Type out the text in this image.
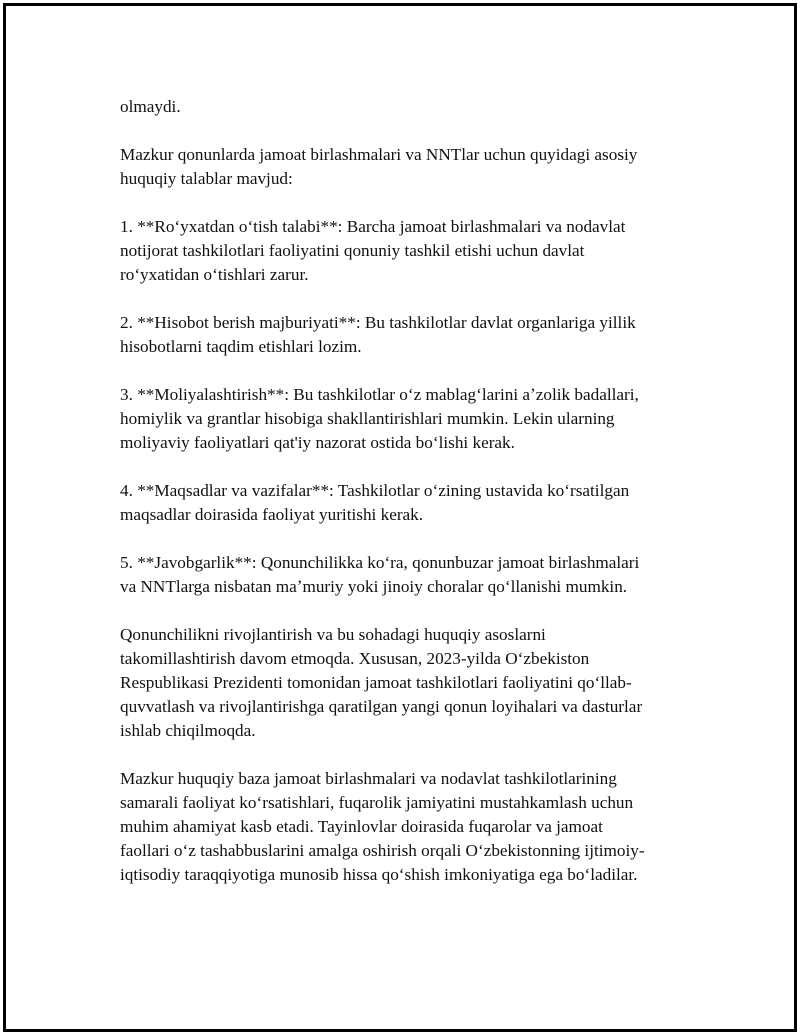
olmaydi.

Mazkur qonunlarda jamoat birlashmalari va NNTlar uchun quyidagi asosiy
huquqiy talablar mavjud:

1. **Roʻyxatdan oʻtish talabi**: Barcha jamoat birlashmalari va nodavlat
notijorat tashkilotlari faoliyatini qonuniy tashkil etishi uchun davlat
roʻyxatidan oʻtishlari zarur.

2. **Hisobot berish majburiyati**: Bu tashkilotlar davlat organlariga yillik
hisobotlarni taqdim etishlari lozim.

3. **Moliyalashtirish**: Bu tashkilotlar oʻz mablagʻlarini aʼzolik badallari,
homiylik va grantlar hisobiga shakllantirishlari mumkin. Lekin ularning
moliyaviy faoliyatlari qat'iy nazorat ostida boʻlishi kerak.

4. **Maqsadlar va vazifalar**: Tashkilotlar oʻzining ustavida koʻrsatilgan
maqsadlar doirasida faoliyat yuritishi kerak.

5. **Javobgarlik**: Qonunchilikka koʻra, qonunbuzar jamoat birlashmalari
va NNTlarga nisbatan maʼmuriy yoki jinoiy choralar qoʻllanishi mumkin.

Qonunchilikni rivojlantirish va bu sohadagi huquqiy asoslarni
takomillashtirish davom etmoqda. Xususan, 2023-yilda Oʻzbekiston
Respublikasi Prezidenti tomonidan jamoat tashkilotlari faoliyatini qoʻllab-
quvvatlash va rivojlantirishga qaratilgan yangi qonun loyihalari va dasturlar
ishlab chiqilmoqda.

Mazkur huquqiy baza jamoat birlashmalari va nodavlat tashkilotlarining
samarali faoliyat koʻrsatishlari, fuqarolik jamiyatini mustahkamlash uchun
muhim ahamiyat kasb etadi. Tayinlovlar doirasida fuqarolar va jamoat
faollari oʻz tashabbuslarini amalga oshirish orqali Oʻzbekistonning ijtimoiy-
iqtisodiy taraqqiyotiga munosib hissa qoʻshish imkoniyatiga ega boʻladilar.
